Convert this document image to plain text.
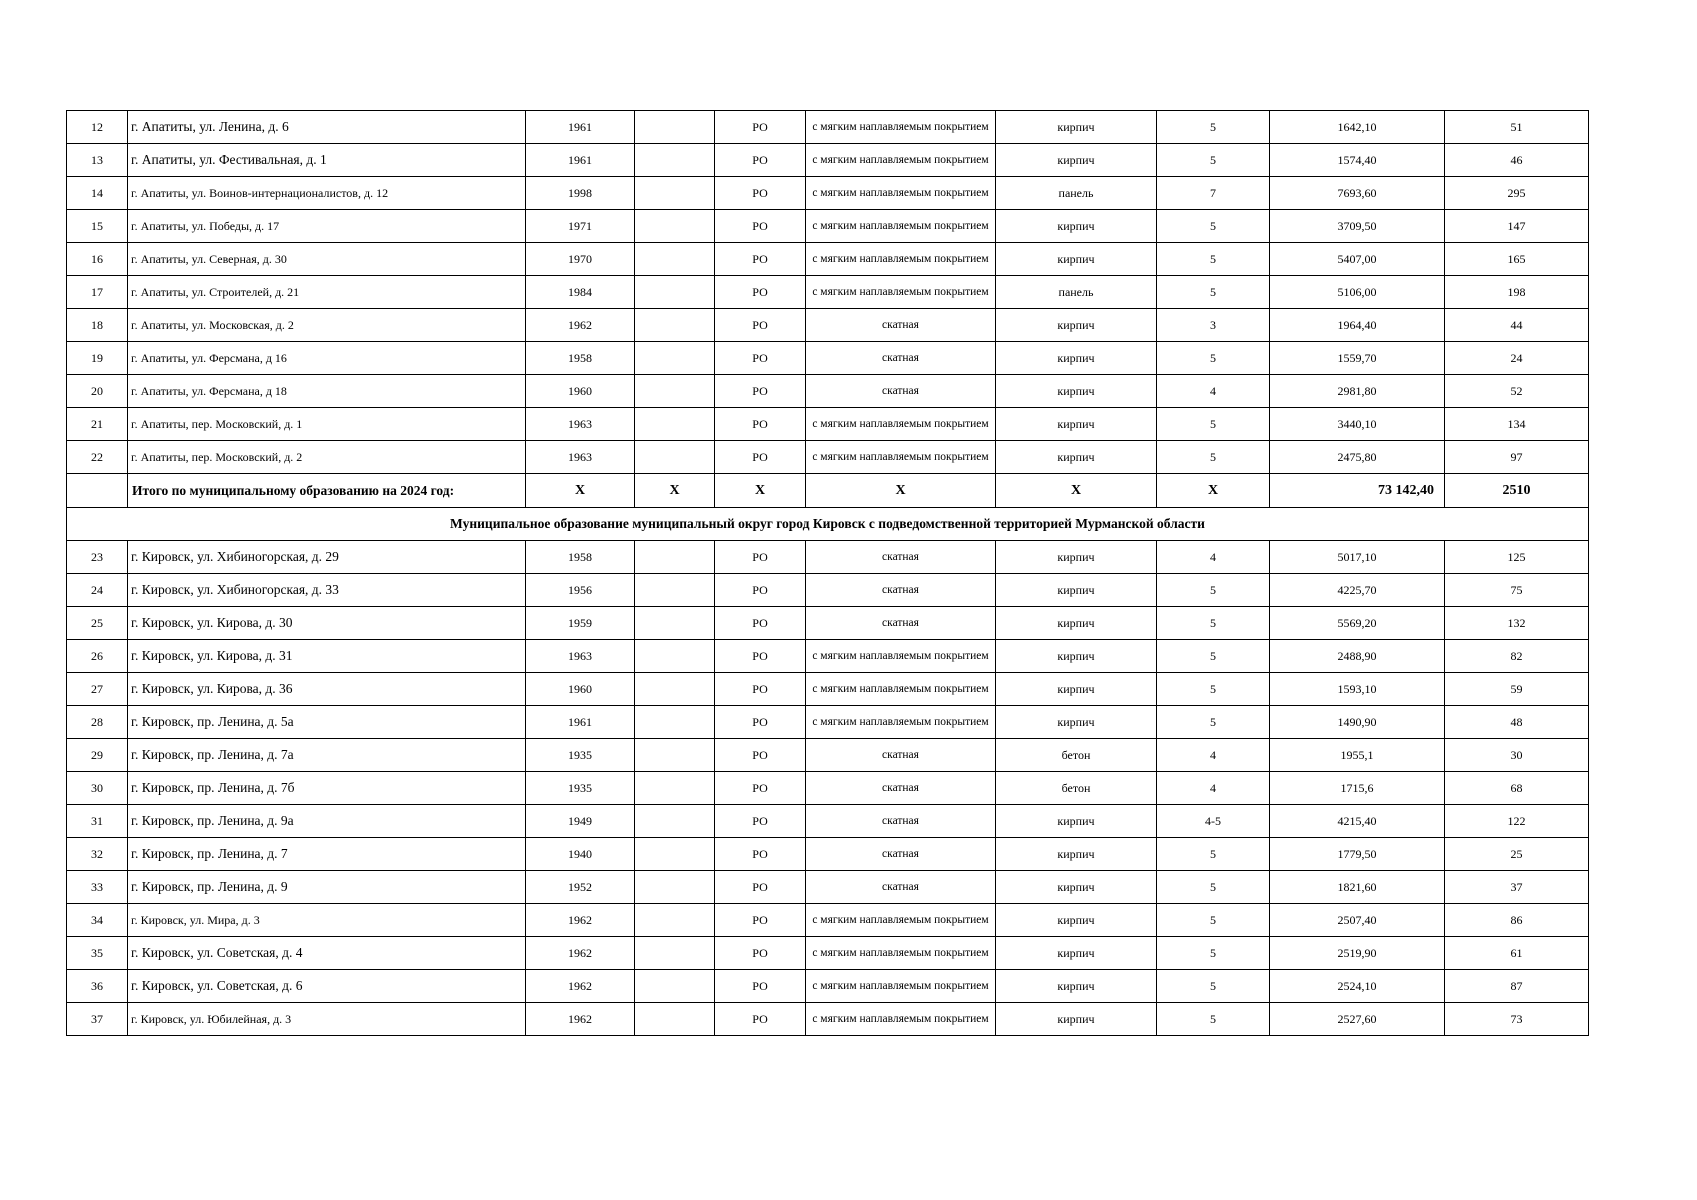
12	г. Апатиты, ул. Ленина, д. 6	1961		РО	с мягким наплавляемым покрытием	кирпич	5	1642,10	51
13	г. Апатиты, ул. Фестивальная, д. 1	1961		РО	с мягким наплавляемым покрытием	кирпич	5	1574,40	46
14	г. Апатиты, ул. Воинов-интернационалистов, д. 12	1998		РО	с мягким наплавляемым покрытием	панель	7	7693,60	295
15	г. Апатиты, ул. Победы, д. 17	1971		РО	с мягким наплавляемым покрытием	кирпич	5	3709,50	147
16	г. Апатиты, ул. Северная, д. 30	1970		РО	с мягким наплавляемым покрытием	кирпич	5	5407,00	165
17	г. Апатиты, ул. Строителей, д. 21	1984		РО	с мягким наплавляемым покрытием	панель	5	5106,00	198
18	г. Апатиты, ул. Московская, д. 2	1962		РО	скатная	кирпич	3	1964,40	44
19	г. Апатиты, ул. Ферсмана, д 16	1958		РО	скатная	кирпич	5	1559,70	24
20	г. Апатиты, ул. Ферсмана, д 18	1960		РО	скатная	кирпич	4	2981,80	52
21	г. Апатиты, пер. Московский, д. 1	1963		РО	с мягким наплавляемым покрытием	кирпич	5	3440,10	134
22	г. Апатиты, пер. Московский, д. 2	1963		РО	с мягким наплавляемым покрытием	кирпич	5	2475,80	97
	Итого по муниципальному образованию на 2024 год:	X	X	X	X	X	X	73 142,40	2510
Муниципальное образование муниципальный округ город Кировск с подведомственной территорией Мурманской области									
23	г. Кировск, ул. Хибиногорская, д. 29	1958		РО	скатная	кирпич	4	5017,10	125
24	г. Кировск, ул. Хибиногорская, д. 33	1956		РО	скатная	кирпич	5	4225,70	75
25	г. Кировск, ул. Кирова, д. 30	1959		РО	скатная	кирпич	5	5569,20	132
26	г. Кировск, ул. Кирова, д. 31	1963		РО	с мягким наплавляемым покрытием	кирпич	5	2488,90	82
27	г. Кировск, ул. Кирова, д. 36	1960		РО	с мягким наплавляемым покрытием	кирпич	5	1593,10	59
28	г. Кировск, пр. Ленина, д. 5а	1961		РО	с мягким наплавляемым покрытием	кирпич	5	1490,90	48
29	г. Кировск, пр. Ленина, д. 7а	1935		РО	скатная	бетон	4	1955,1	30
30	г. Кировск, пр. Ленина, д. 7б	1935		РО	скатная	бетон	4	1715,6	68
31	г. Кировск, пр. Ленина, д. 9а	1949		РО	скатная	кирпич	4-5	4215,40	122
32	г. Кировск, пр. Ленина, д. 7	1940		РО	скатная	кирпич	5	1779,50	25
33	г. Кировск, пр. Ленина, д. 9	1952		РО	скатная	кирпич	5	1821,60	37
34	г. Кировск, ул. Мира, д. 3	1962		РО	с мягким наплавляемым покрытием	кирпич	5	2507,40	86
35	г. Кировск, ул. Советская, д. 4	1962		РО	с мягким наплавляемым покрытием	кирпич	5	2519,90	61
36	г. Кировск, ул. Советская, д. 6	1962		РО	с мягким наплавляемым покрытием	кирпич	5	2524,10	87
37	г. Кировск, ул. Юбилейная, д. 3	1962		РО	с мягким наплавляемым покрытием	кирпич	5	2527,60	73
